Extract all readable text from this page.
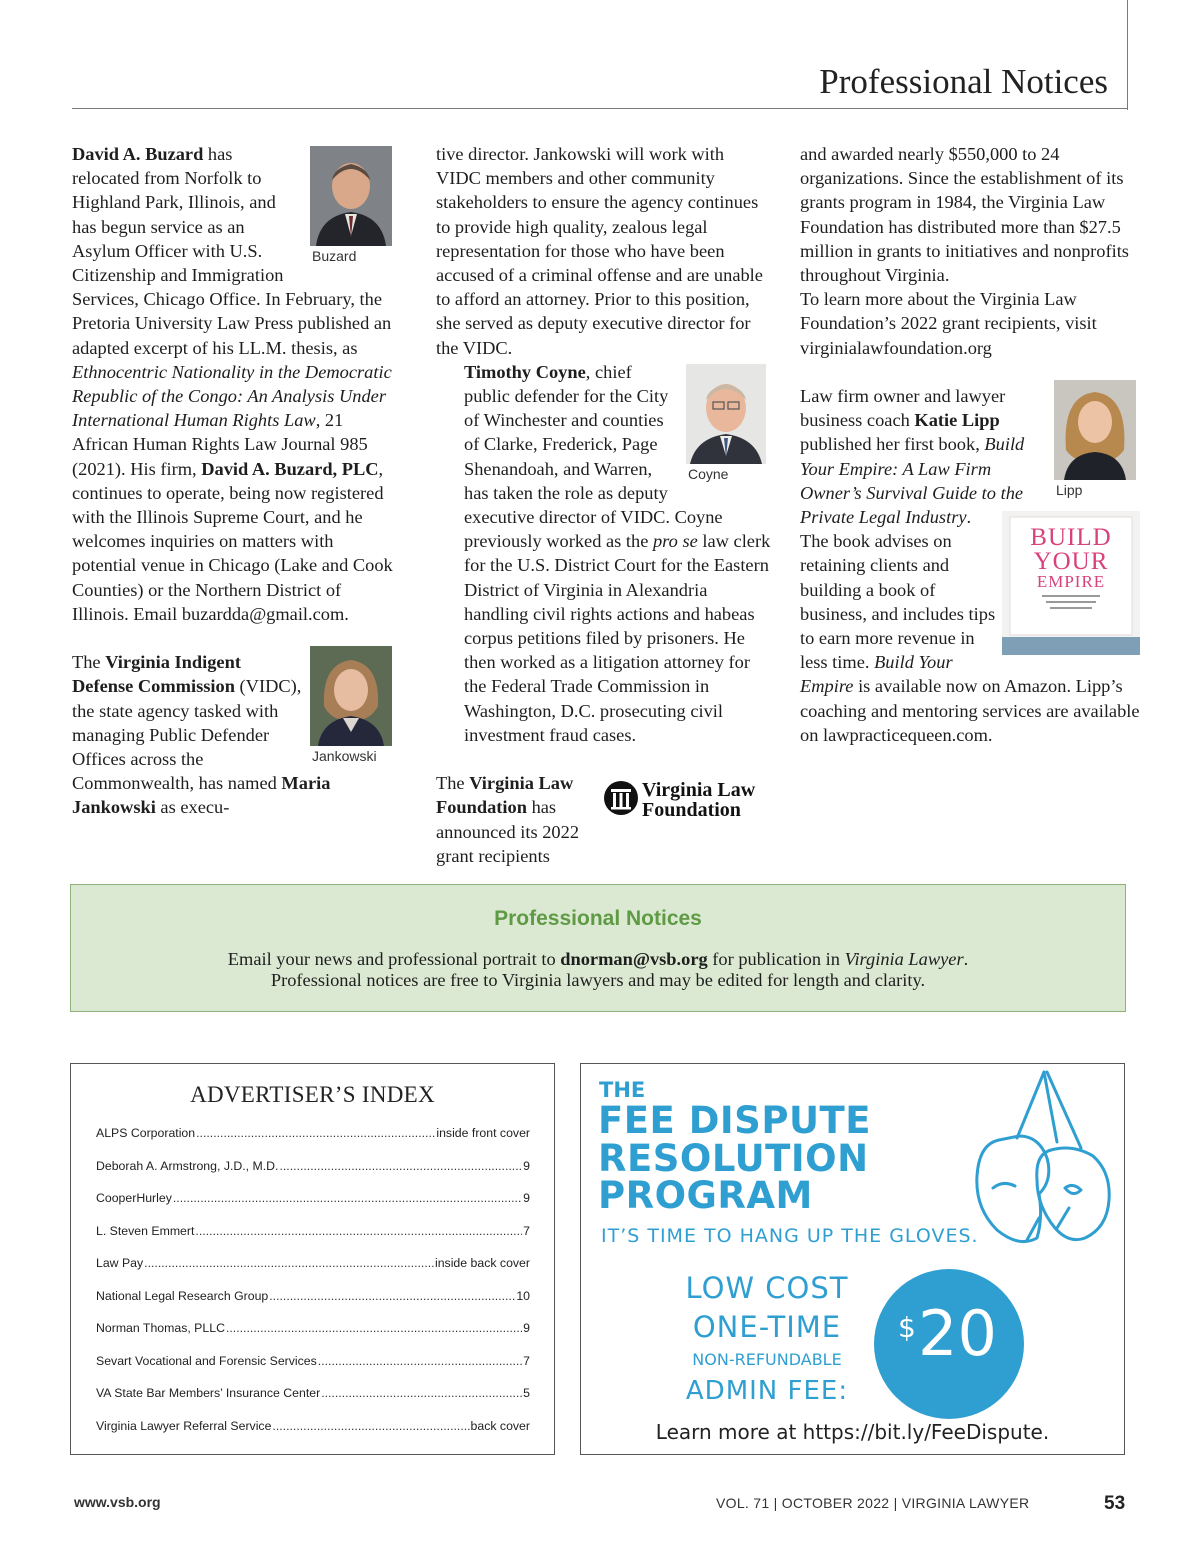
Professional Notices
Buzard

David A. Buzard has relocated from Norfolk to Highland Park, Illinois, and has begun service as an Asylum Officer with U.S. Citizenship and Immigration Services, Chicago Office. In February, the Pretoria University Law Press published an adapted excerpt of his LL.M. thesis, as Ethnocentric Nationality in the Democratic Republic of the Congo: An Analysis Under International Human Rights Law, 21 African Human Rights Law Journal 985 (2021). His firm, David A. Buzard, PLC, continues to operate, being now registered with the Illinois Supreme Court, and he welcomes inquiries on matters with potential venue in Chicago (Lake and Cook Counties) or the Northern District of Illinois. Email buzardda@gmail.com.

Jankowski

The Virginia Indigent Defense Commission (VIDC), the state agency tasked with managing Public Defender Offices across the Commonwealth, has named Maria Jankowski as execu-

tive director. Jankowski will work with VIDC members and other community stakeholders to ensure the agency continues to provide high quality, zealous legal representation for those who have been accused of a criminal offense and are unable to afford an attorney. Prior to this position, she served as deputy executive director for the VIDC.

Coyne

Timothy Coyne, chief public defender for the City of Winchester and counties of Clarke, Frederick, Page Shenandoah, and Warren, has taken the role as deputy executive director of VIDC. Coyne previously worked as the pro se law clerk for the U.S. District Court for the Eastern District of Virginia in Alexandria handling civil rights actions and habeas corpus petitions filed by prisoners. He then worked as a litigation attorney for the Federal Trade Commission in Washington, D.C. prosecuting civil investment fraud cases.

Virginia Law
Foundation

The Virginia Law Foundation has announced its 2022 grant recipients

and awarded nearly $550,000 to 24 organizations. Since the establishment of its grants program in 1984, the Virginia Law Foundation has distributed more than $27.5 million in grants to initiatives and nonprofits throughout Virginia.

To learn more about the Virginia Law Foundation’s 2022 grant recipients, visit virginialawfoundation.org

Lipp

Law firm owner and lawyer business coach Katie Lipp published her first book, Build Your Empire: A Law Firm Owner’s Survival Guide to the Private Legal Industry
BUILD
YOUR
EMPIRE
. The book advises on retaining clients and building a book of business, and includes tips to earn more revenue in less time. Build Your Empire is available now on Amazon. Lipp’s coaching and mentoring services are available on lawpracticequeen.com.

Professional Notices
Email your news and professional portrait to dnorman@vsb.org for publication in Virginia Lawyer.
Professional notices are free to Virginia lawyers and may be edited for length and clarity.
ADVERTISER’S INDEX
ALPS Corporation .....	inside front cover
Deborah A. Armstrong, J.D., M.D. .....	9
CooperHurley .....	9
L. Steven Emmert .....	7
Law Pay .....	inside back cover
National Legal Research Group .....	10
Norman Thomas, PLLC .....	9
Sevart Vocational and Forensic Services .....	7
VA State Bar Members’ Insurance Center .....	5
Virginia Lawyer Referral Service .....	back cover
THE
FEE DISPUTE
RESOLUTION
PROGRAM
IT’S TIME TO HANG UP THE GLOVES.
LOW COST
ONE-TIME
NON-REFUNDABLE
ADMIN FEE:
$ 20
Learn more at https://bit.ly/FeeDispute.
www.vsb.org	VOL. 71 | OCTOBER 2022 | VIRGINIA LAWYER	53
